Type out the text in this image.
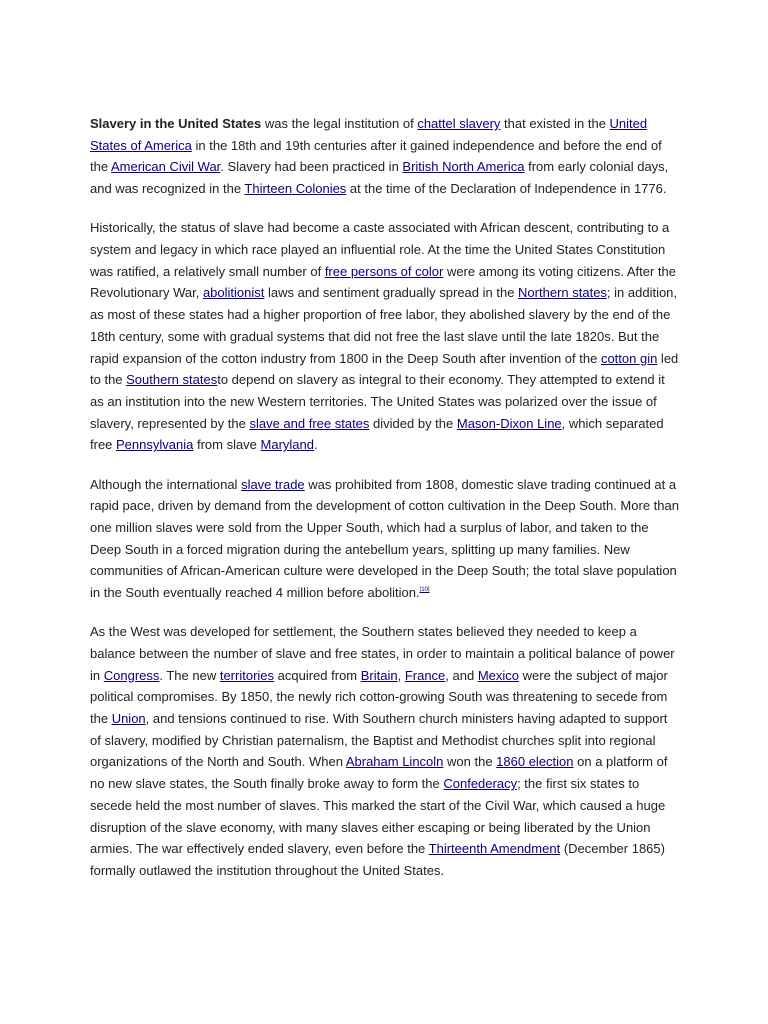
Slavery in the United States was the legal institution of chattel slavery that existed in the United States of America in the 18th and 19th centuries after it gained independence and before the end of the American Civil War. Slavery had been practiced in British North America from early colonial days, and was recognized in the Thirteen Colonies at the time of the Declaration of Independence in 1776.

Historically, the status of slave had become a caste associated with African descent, contributing to a system and legacy in which race played an influential role. At the time the United States Constitution was ratified, a relatively small number of free persons of color were among its voting citizens. After the Revolutionary War, abolitionist laws and sentiment gradually spread in the Northern states; in addition, as most of these states had a higher proportion of free labor, they abolished slavery by the end of the 18th century, some with gradual systems that did not free the last slave until the late 1820s. But the rapid expansion of the cotton industry from 1800 in the Deep South after invention of the cotton gin led to the Southern statesto depend on slavery as integral to their economy. They attempted to extend it as an institution into the new Western territories. The United States was polarized over the issue of slavery, represented by the slave and free states divided by the Mason-Dixon Line, which separated free Pennsylvania from slave Maryland.

Although the international slave trade was prohibited from 1808, domestic slave trading continued at a rapid pace, driven by demand from the development of cotton cultivation in the Deep South. More than one million slaves were sold from the Upper South, which had a surplus of labor, and taken to the Deep South in a forced migration during the antebellum years, splitting up many families. New communities of African-American culture were developed in the Deep South; the total slave population in the South eventually reached 4 million before abolition.[10]

As the West was developed for settlement, the Southern states believed they needed to keep a balance between the number of slave and free states, in order to maintain a political balance of power in Congress. The new territories acquired from Britain, France, and Mexico were the subject of major political compromises. By 1850, the newly rich cotton-growing South was threatening to secede from the Union, and tensions continued to rise. With Southern church ministers having adapted to support of slavery, modified by Christian paternalism, the Baptist and Methodist churches split into regional organizations of the North and South. When Abraham Lincoln won the 1860 election on a platform of no new slave states, the South finally broke away to form the Confederacy; the first six states to secede held the most number of slaves. This marked the start of the Civil War, which caused a huge disruption of the slave economy, with many slaves either escaping or being liberated by the Union armies. The war effectively ended slavery, even before the Thirteenth Amendment (December 1865) formally outlawed the institution throughout the United States.
